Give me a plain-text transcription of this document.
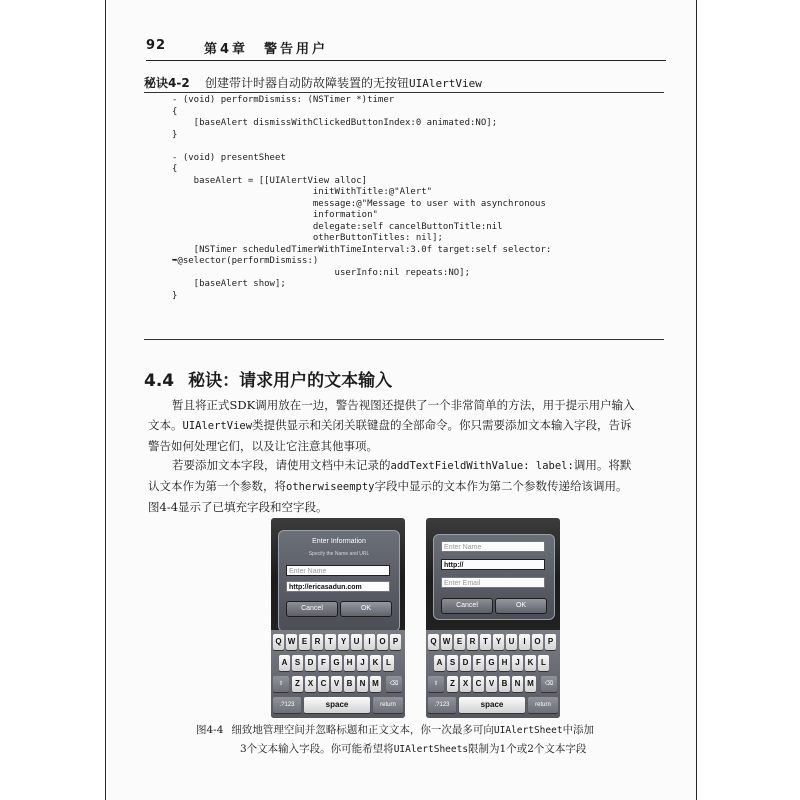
92	第4章　警告用户
秘诀4-2 创建带计时器自动防故障装置的无按钮UIAlertView
- (void) performDismiss: (NSTimer *)timer
{
[baseAlert dismissWithClickedButtonIndex:0 animated:NO];
}

- (void) presentSheet
{
baseAlert = [[UIAlertView alloc]
initWithTitle:@"Alert"
message:@"Message to user with asynchronous
information"
delegate:self cancelButtonTitle:nil
otherButtonTitles: nil];
[NSTimer scheduledTimerWithTimeInterval:3.0f target:self selector:
➥@selector(performDismiss:)
userInfo:nil repeats:NO];
[baseAlert show];
}
4.4 秘诀：请求用户的文本输入
暂且将正式SDK调用放在一边，警告视图还提供了一个非常简单的方法，用于提示用户输入
文本。UIAlertView类提供显示和关闭关联键盘的全部命令。你只需要添加文本输入字段，告诉
警告如何处理它们，以及让它注意其他事项。
若要添加文本字段，请使用文档中未记录的addTextFieldWithValue: label:调用。将默
认文本作为第一个参数，将otherwiseempty字段中显示的文本作为第二个参数传递给该调用。
图4-4显示了已填充字段和空字段。
Enter Information
Specify the Name and URL
Enter Name
http://ericasadun.com
Cancel	OK
Q W E R T Y U	I	O P
A S D F G H J K L
⇧	Z X C V B N M	⌫
.?123	space	return
Enter Name
http://
Enter Email
Cancel	OK
Q W E R T Y U	I	O P
A S D F G H J K L
⇧	Z X C V B N M	⌫
.?123	space	return
图4-4 细致地管理空间并忽略标题和正文文本，你一次最多可向UIAlertSheet中添加
3个文本输入字段。你可能希望将UIAlertSheets限制为1个或2个文本字段
